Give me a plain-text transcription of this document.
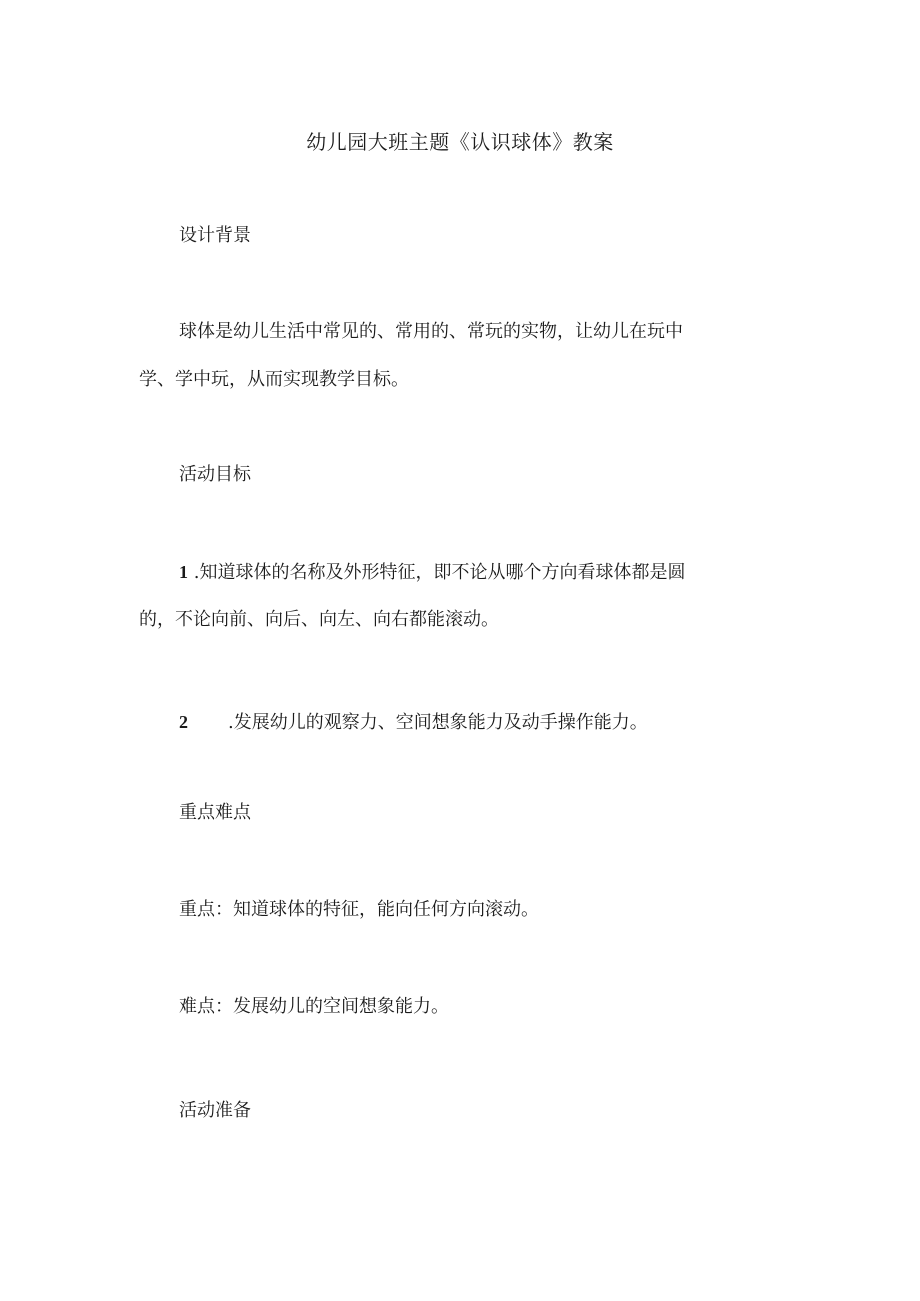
幼儿园大班主题《认识球体》教案
设计背景
球体是幼儿生活中常见的、常用的、常玩的实物，让幼儿在玩中
学、学中玩，从而实现教学目标。
活动目标
1 .知道球体的名称及外形特征，即不论从哪个方向看球体都是圆
的，不论向前、向后、向左、向右都能滚动。
2 .发展幼儿的观察力、空间想象能力及动手操作能力。
重点难点
重点：知道球体的特征，能向任何方向滚动。
难点：发展幼儿的空间想象能力。
活动准备
